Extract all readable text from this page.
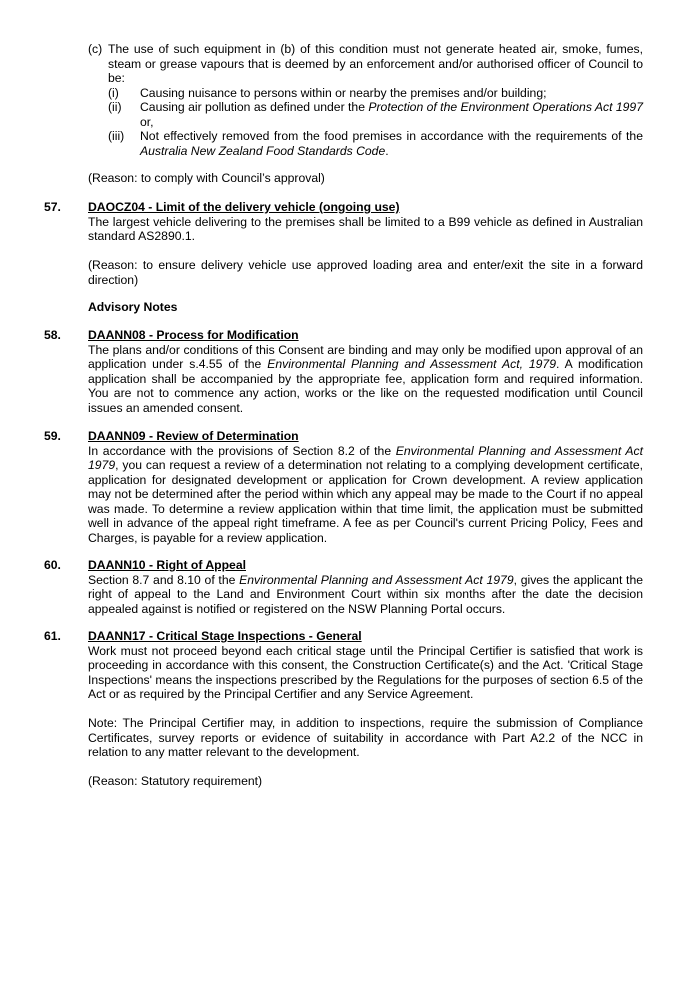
(c) The use of such equipment in (b) of this condition must not generate heated air, smoke, fumes, steam or grease vapours that is deemed by an enforcement and/or authorised officer of Council to be:
(i) Causing nuisance to persons within or nearby the premises and/or building;
(ii) Causing air pollution as defined under the Protection of the Environment Operations Act 1997 or,
(iii) Not effectively removed from the food premises in accordance with the requirements of the Australia New Zealand Food Standards Code.

(Reason: to comply with Council’s approval)

57. DAOCZ04 - Limit of the delivery vehicle (ongoing use)
The largest vehicle delivering to the premises shall be limited to a B99 vehicle as defined in Australian standard AS2890.1.
(Reason: to ensure delivery vehicle use approved loading area and enter/exit the site in a forward direction)

Advisory Notes

58. DAANN08 - Process for Modification
The plans and/or conditions of this Consent are binding and may only be modified upon approval of an application under s.4.55 of the Environmental Planning and Assessment Act, 1979. A modification application shall be accompanied by the appropriate fee, application form and required information. You are not to commence any action, works or the like on the requested modification until Council issues an amended consent.
59. DAANN09 - Review of Determination
In accordance with the provisions of Section 8.2 of the Environmental Planning and Assessment Act 1979, you can request a review of a determination not relating to a complying development certificate, application for designated development or application for Crown development. A review application may not be determined after the period within which any appeal may be made to the Court if no appeal was made. To determine a review application within that time limit, the application must be submitted well in advance of the appeal right timeframe. A fee as per Council's current Pricing Policy, Fees and Charges, is payable for a review application.
60. DAANN10 - Right of Appeal
Section 8.7 and 8.10 of the Environmental Planning and Assessment Act 1979, gives the applicant the right of appeal to the Land and Environment Court within six months after the date the decision appealed against is notified or registered on the NSW Planning Portal occurs.
61. DAANN17 - Critical Stage Inspections - General
Work must not proceed beyond each critical stage until the Principal Certifier is satisfied that work is proceeding in accordance with this consent, the Construction Certificate(s) and the Act. 'Critical Stage Inspections' means the inspections prescribed by the Regulations for the purposes of section 6.5 of the Act or as required by the Principal Certifier and any Service Agreement.
Note: The Principal Certifier may, in addition to inspections, require the submission of Compliance Certificates, survey reports or evidence of suitability in accordance with Part A2.2 of the NCC in relation to any matter relevant to the development.
(Reason: Statutory requirement)
